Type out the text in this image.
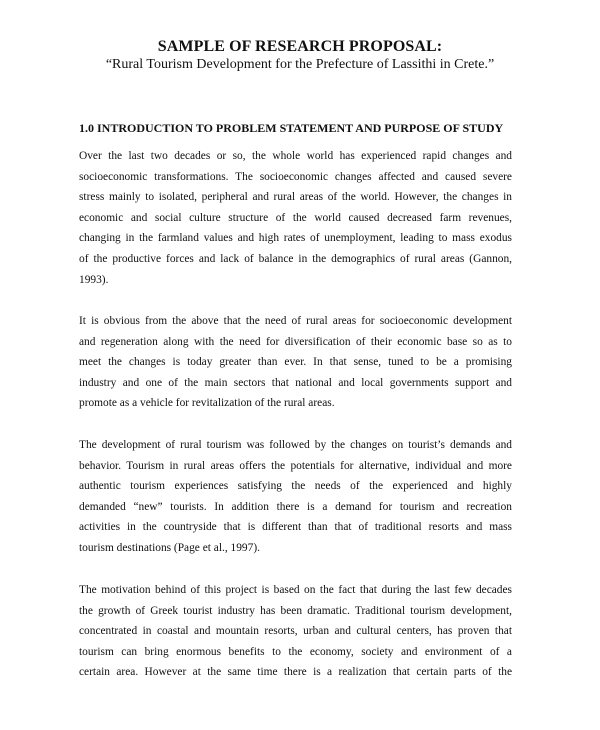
SAMPLE OF RESEARCH PROPOSAL:
“Rural Tourism Development for the Prefecture of Lassithi in Crete.”
1.0 INTRODUCTION TO PROBLEM STATEMENT AND PURPOSE OF STUDY
Over the last two decades or so, the whole world has experienced rapid changes and
socioeconomic transformations. The socioeconomic changes affected and caused severe
stress mainly to isolated, peripheral and rural areas of the world. However, the changes in
economic and social culture structure of the world caused decreased farm revenues,
changing in the farmland values and high rates of unemployment, leading to mass exodus
of the productive forces and lack of balance in the demographics of rural areas (Gannon,
1993).
It is obvious from the above that the need of rural areas for socioeconomic development
and regeneration along with the need for diversification of their economic base so as to
meet the changes is today greater than ever. In that sense, tuned to be a promising
industry and one of the main sectors that national and local governments support and
promote as a vehicle for revitalization of the rural areas.
The development of rural tourism was followed by the changes on tourist’s demands and
behavior. Tourism in rural areas offers the potentials for alternative, individual and more
authentic tourism experiences satisfying the needs of the experienced and highly
demanded “new” tourists. In addition there is a demand for tourism and recreation
activities in the countryside that is different than that of traditional resorts and mass
tourism destinations (Page et al., 1997).
The motivation behind of this project is based on the fact that during the last few decades
the growth of Greek tourist industry has been dramatic. Traditional tourism development,
concentrated in coastal and mountain resorts, urban and cultural centers, has proven that
tourism can bring enormous benefits to the economy, society and environment of a
certain area. However at the same time there is a realization that certain parts of the
